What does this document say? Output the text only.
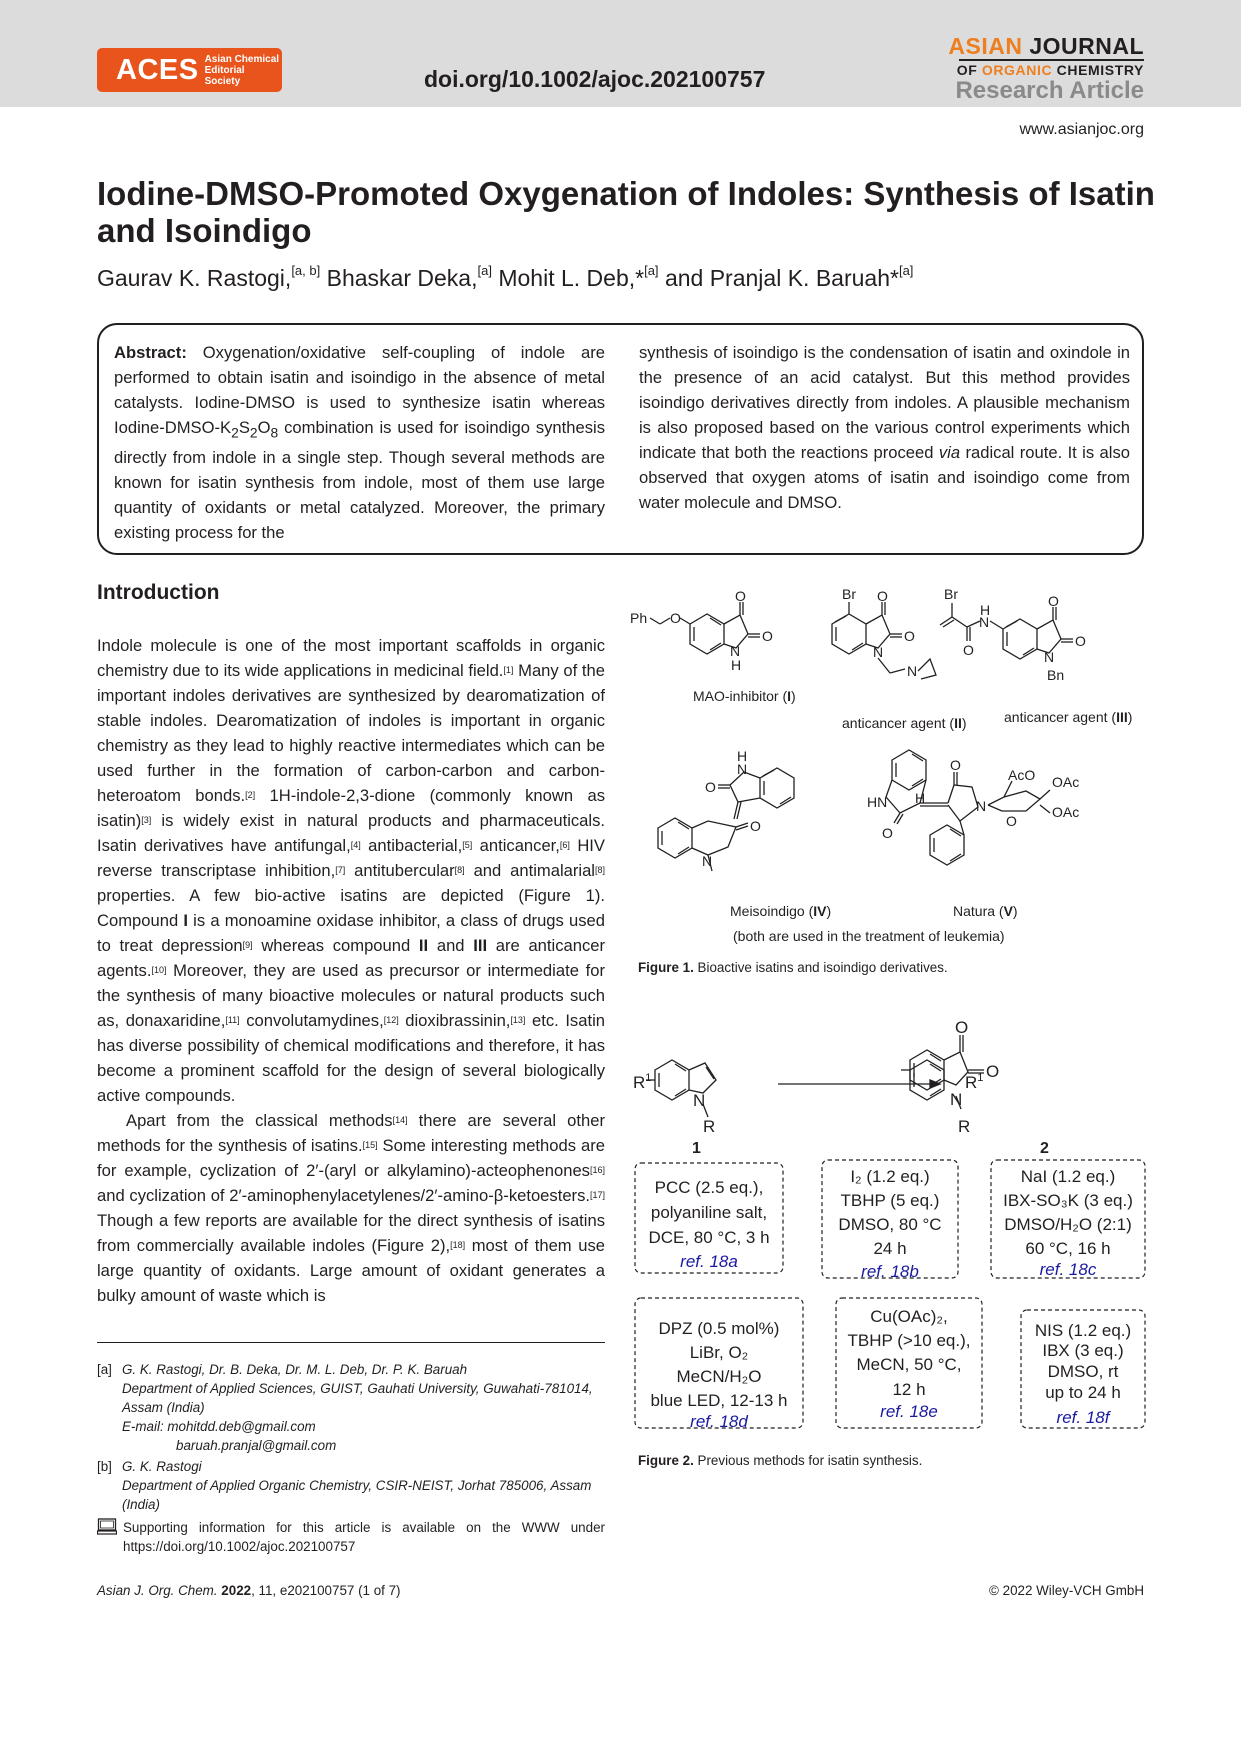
ACES Asian Chemical
Editorial Society	doi.org/10.1002/ajoc.202100757
ASIAN JOURNAL
OF ORGANIC CHEMISTRY
Research Article
www.asianjoc.org
Iodine-DMSO-Promoted Oxygenation of Indoles: Synthesis of Isatin
and Isoindigo
Gaurav K. Rastogi,[a, b] Bhaskar Deka,[a] Mohit L. Deb,*[a] and Pranjal K. Baruah*[a]
Abstract: Oxygenation/oxidative self-coupling of indole are performed to obtain isatin and isoindigo in the absence of metal catalysts. Iodine-DMSO is used to synthesize isatin whereas Iodine-$DMSO-K_2S_2O_8$ combination is used for isoindigo synthesis directly from indole in a single step. Though several methods are known for isatin synthesis from indole, most of them use large quantity of oxidants or metal catalyzed. Moreover, the primary existing process for the
synthesis of isoindigo is the condensation of isatin and oxindole in the presence of an acid catalyst. But this method provides isoindigo derivatives directly from indoles. A plausible mechanism is also proposed based on the various control experiments which indicate that both the reactions proceed via radical route. It is also observed that oxygen atoms of isatin and isoindigo come from water molecule and DMSO.
Introduction

Indole molecule is one of the most important scaffolds in organic chemistry due to its wide applications in medicinal field.[1] Many of the important indoles derivatives are synthesized by dearomatization of stable indoles. Dearomatization of indoles is important in organic chemistry as they lead to highly reactive intermediates which can be used further in the formation of carbon-carbon and carbon-heteroatom bonds.[2] 1H-indole-2,3-dione (commonly known as isatin)[3] is widely exist in natural products and pharmaceuticals. Isatin derivatives have antifungal,[4] antibacterial,[5] anticancer,[6] HIV reverse transcriptase inhibition,[7] antitubercular[8] and antimalarial[8] properties. A few bio-active isatins are depicted (Figure 1). Compound I is a monoamine oxidase inhibitor, a class of drugs used to treat depression[9] whereas compound II and III are anticancer agents.[10] Moreover, they are used as precursor or intermediate for the synthesis of many bioactive molecules or natural products such as, donaxaridine,[11] convolutamydines,[12] dioxibrassinin,[13] etc. Isatin has diverse possibility of chemical modifications and therefore, it has become a prominent scaffold for the design of several biologically active compounds.

Apart from the classical methods[14] there are several other methods for the synthesis of isatins.[15] Some interesting methods are for example, cyclization of 2′-(aryl or alkylamino)-acteophenones[16] and cyclization of 2′-aminophenylacetylenes/2′-amino-β-ketoesters.[17] Though a few reports are available for the direct synthesis of isatins from commercially available indoles (Figure 2),[18] most of them use large quantity of oxidants. Large amount of oxidant generates a bulky amount of waste which is

[a] G. K. Rastogi, Dr. B. Deka, Dr. M. L. Deb, Dr. P. K. Baruah
Department of Applied Sciences, GUIST, Gauhati University, Guwahati-781014, Assam (India)
E-mail: mohitdd.deb@gmail.com
baruah.pranjal@gmail.com
[b] G. K. Rastogi
Department of Applied Organic Chemistry, CSIR-NEIST, Jorhat 785006, Assam (India)
Supporting information for this article is available on the WWW under https://doi.org/10.1002/ajoc.202100757
Ph O
O
O
N
H
MAO-inhibitor (I)
Br O
O
N
N
anticancer agent (II)
Br
H
N
O
O
O
N
Bn
anticancer agent (III)
H
N
O
O
N
Meisoindigo (IV)
H
HN
O
O
N
AcO OAc
OAc
O
Natura (V)
(both are used in the treatment of leukemia)
Figure 1. Bioactive isatins and isoindigo derivatives.
$R^1$
N
R
1
$R^1$
O
O
N
R
2
PCC (2.5 eq.),
polyaniline salt,
DCE, 80 °C, 3 h
ref. 18a
I₂ (1.2 eq.)
TBHP (5 eq.)
DMSO, 80 °C
24 h
ref. 18b
NaI (1.2 eq.)
IBX-SO₃K (3 eq.)
DMSO/H₂O (2:1)
60 °C, 16 h
ref. 18c
DPZ (0.5 mol%)
LiBr, O₂
MeCN/H₂O
blue LED, 12-13 h
ref. 18d
Cu(OAc)₂,
TBHP (>10 eq.),
MeCN, 50 °C,
12 h
ref. 18e
NIS (1.2 eq.)
IBX (3 eq.)
DMSO, rt
up to 24 h
ref. 18f
Figure 2. Previous methods for isatin synthesis.
Asian J. Org. Chem. 2022, 11, e202100757 (1 of 7)	© 2022 Wiley-VCH GmbH
